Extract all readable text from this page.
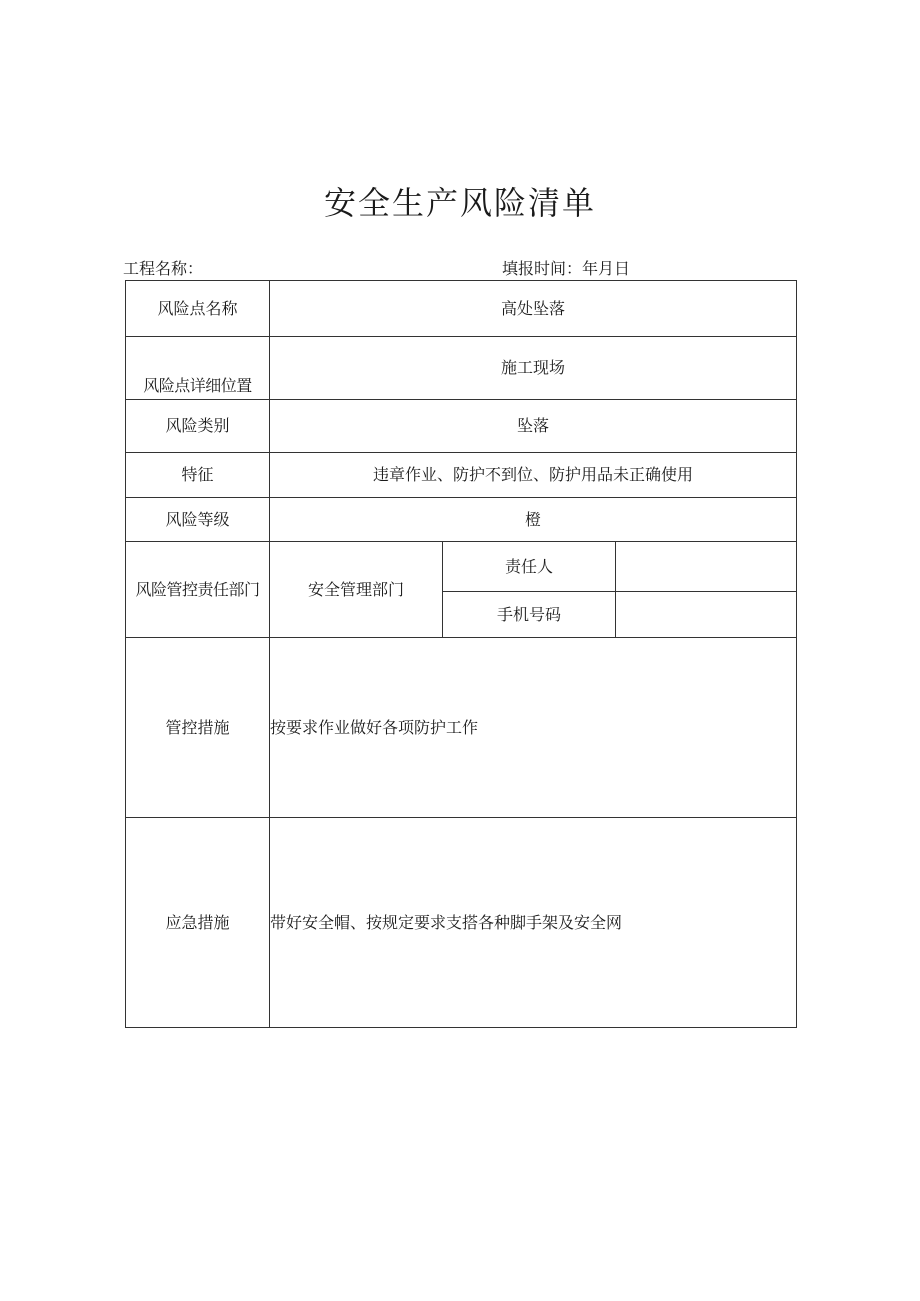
安全生产风险清单
工程名称：	填报时间：年月日
风险点名称	高处坠落		
风险点详细位置	施工现场		
风险类别	坠落		
特征	违章作业、防护不到位、防护用品未正确使用		
风险等级	橙		
风险管控责任部门	安全管理部门	责任人	
		手机号码	
管控措施	按要求作业做好各项防护工作		
应急措施	带好安全帽、按规定要求支搭各种脚手架及安全网		
